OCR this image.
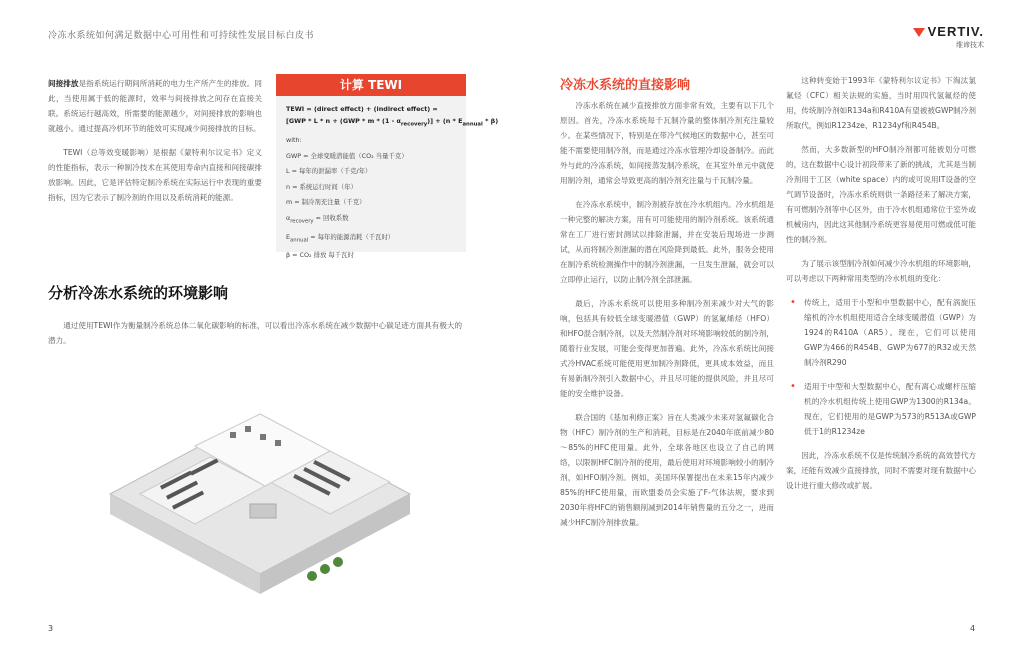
冷冻水系统如何满足数据中心可用性和可持续性发展目标白皮书	VERTIV.
维谛技术

间接排放是指系统运行期间所消耗的电力生产所产生的排放。同此，当使用属于低的能源时，效率与间接排放之间存在直接关联。系统运行越高效，所需要的能源越少，对间接排放的影响也就越小。通过提高冷机环节的能效可实现减少间接排放的目标。

TEWI（总等效变暖影响）是根据《蒙特利尔议定书》定义的性能指标，表示一种制冷技术在其使用寿命内直接和间接碳排放影响。因此，它是评估特定制冷系统在实际运行中表现的重要指标，因为它表示了制冷剂的作用以及系统消耗的能源。

计算 TEWI
TEWI = (direct effect) + (indirect effect) =
[$GWP * L * n + (GWP * m * (1 - \alpha_{recovery})] + (n * E_{annual} * \beta)$
with:
GWP = 全球变暖潜能值（CO₂ 当量千克）
L = 每年的泄漏率（千克/年）
n = 系统运行时间（年）
m = 制冷剂充注量（千克）
$\alpha_{recovery}$ = 回收系数
$E_{annual}$ = 每年的能源消耗（千瓦时）
β = CO₂ 排放 每千瓦时
分析冷冻水系统的环境影响
通过使用TEWI作为衡量制冷系统总体二氧化碳影响的标准，可以看出冷冻水系统在减少数据中心碳足迹方面具有极大的潜力。
3
冷冻水系统的直接影响

冷冻水系统在减少直接排放方面非常有效，主要有以下几个原因。首先，冷冻水系统每千瓦制冷量的整体制冷剂充注量较少。在某些情况下，特别是在带冷气候地区的数据中心，甚至可能不需要使用制冷剂，而是通过冷冻水管理冷却设备制冷。而此外与此的冷冻系统，如间接蒸发制冷系统，在其室外单元中就使用制冷剂，通常会导致更高的制冷剂充注量与千瓦制冷量。

在冷冻水系统中，制冷剂被存放在冷水机组内。冷水机组是一种完整的解决方案，用有可可能使用的制冷剂系统。该系统通常在工厂进行密封测试以排除泄漏，并在安装后现场进一步测试，从而将制冷剂泄漏的潜在风险降到最低。此外，服务会使用在制冷系统检测操作中的制冷剂泄漏，一旦发生泄漏，就会可以立即停止运行，以防止制冷剂全部泄漏。

最后，冷冻水系统可以使用多种制冷剂来减少对大气的影响，包括具有较低全球变暖潜值（GWP）的氢氟烯烃（HFO）和HFO混合制冷剂，以及天然制冷剂对环境影响较低的制冷剂，随着行业发展，可能会变得更加普遍。此外，冷冻水系统比间接式冷HVAC系统可能使用更加制冷剂降低，更具成本效益，而且有易新制冷剂引入数据中心，并且尽可能的提供风险，并且尽可能的安全维护设备。

联合国的《基加利修正案》旨在人类减少未来对氢氟碳化合物（HFC）制冷剂的生产和消耗，目标是在2040年底前减少80～85%的HFC使用量。此外，全球各地区也设立了自己的网络，以限制HFC制冷剂的使用，最后使用对环境影响较小的制冷剂，如HFO制冷剂。例如，美国环保署提出在未来15年内减少85%的HFC使用量，而欧盟委员会实施了F-气体法规，要求到2030年将HFC的销售额削减到2014年销售量的五分之一，进而减少HFC制冷剂排放量。

这种转变始于1993年《蒙特利尔议定书》下淘汰氯氟烃（CFC）相关法规的实施，当时用四代氢氟烃的使用，传统制冷剂如R134a和R410A有望被被GWP制冷剂所取代，例如R1234ze、R1234yf和R454B。

然而，大多数新型的HFO制冷剂都可能被划分可燃的，这在数据中心设计初段带来了新的挑战，尤其是当制冷剂用于工区（white space）内的或可说用IT设备的空气调节设备时，冷冻水系统则供一条路径来了解决方案，有可燃制冷剂等中心区外，由于冷水机组通常位于室外或机械房内，因此这其他制冷系统更容易使用可燃或低可能性的制冷剂。

为了展示该型制冷剂如何减少冷水机组的环境影响，可以考虑以下两种常用类型的冷水机组的变化：

• 传统上，适用于小型和中型数据中心，配有涡旋压缩机的冷水机组使用适合全球变暖潜值（GWP）为1924的R410A（AR5）。现在，它们可以使用GWP为466的R454B、GWP为677的R32或天然制冷剂R290

• 适用于中型和大型数据中心，配有离心或螺杆压缩机的冷水机组传统上使用GWP为1300的R134a。现在，它们使用的是GWP为573的R513A或GWP低于1的R1234ze

因此，冷冻水系统不仅是传统制冷系统的高效替代方案，还能有效减少直接排放，同时不需要对现有数据中心设计进行重大修改或扩展。

4
